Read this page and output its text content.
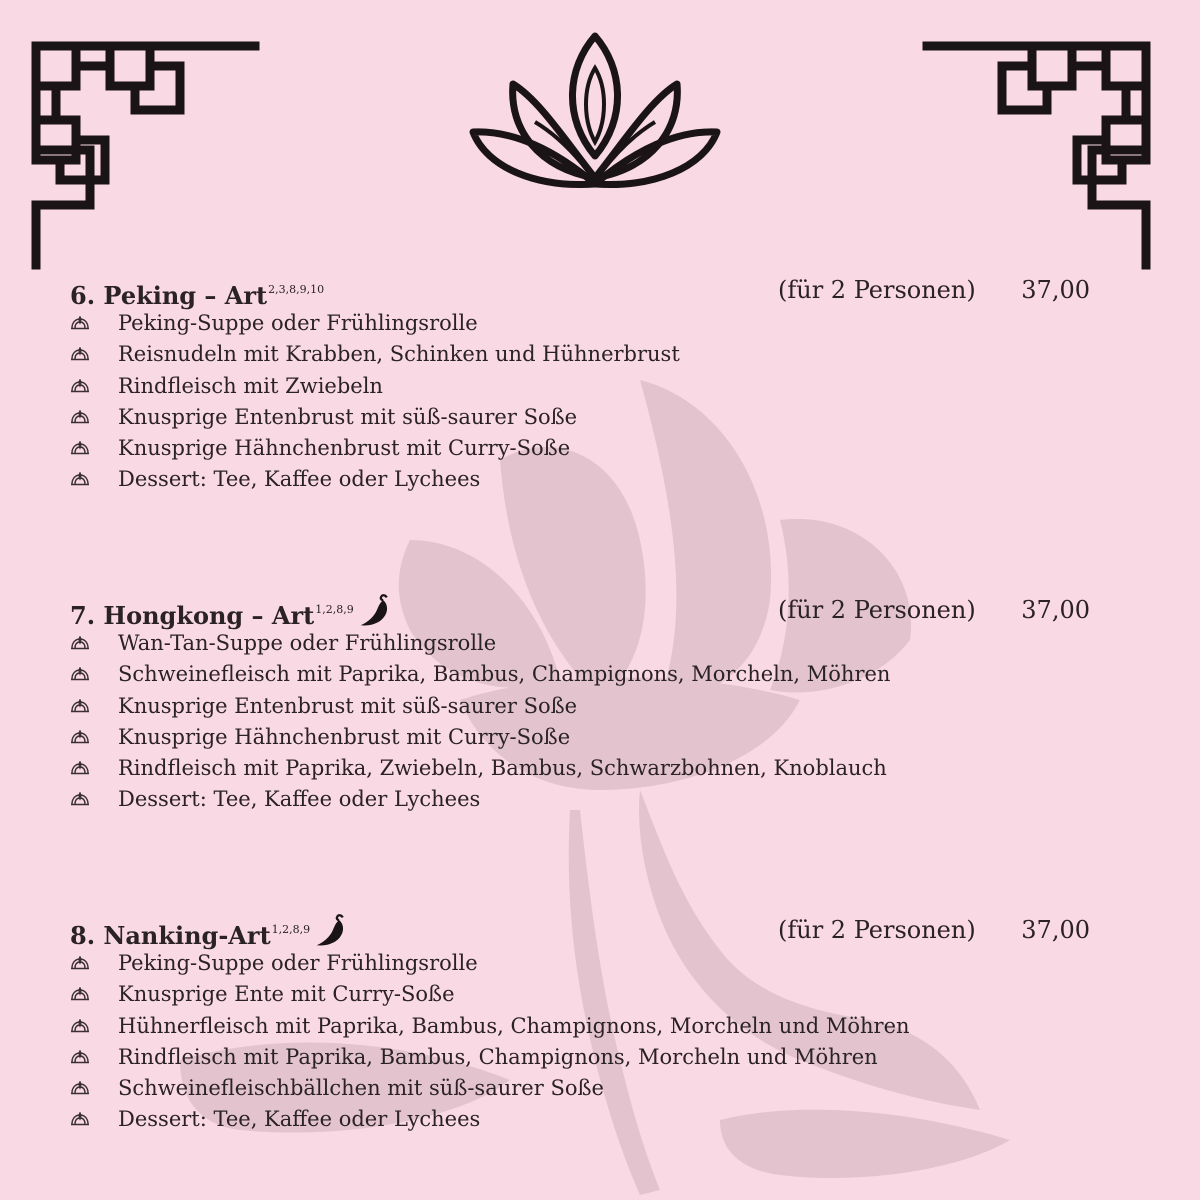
6. Peking – Art$^{2,3,8,9,10}$	(für 2 Personen) 37,00
Peking-Suppe oder Frühlingsrolle
Reisnudeln mit Krabben, Schinken und Hühnerbrust
Rindfleisch mit Zwiebeln
Knusprige Entenbrust mit süß-saurer Soße
Knusprige Hähnchenbrust mit Curry-Soße
Dessert: Tee, Kaffee oder Lychees
7. Hongkong – Art$^{1,2,8,9}$	(für 2 Personen) 37,00
Wan-Tan-Suppe oder Frühlingsrolle
Schweinefleisch mit Paprika, Bambus, Champignons, Morcheln, Möhren
Knusprige Entenbrust mit süß-saurer Soße
Knusprige Hähnchenbrust mit Curry-Soße
Rindfleisch mit Paprika, Zwiebeln, Bambus, Schwarzbohnen, Knoblauch
Dessert: Tee, Kaffee oder Lychees
8. Nanking-Art$^{1,2,8,9}$	(für 2 Personen) 37,00
Peking-Suppe oder Frühlingsrolle
Knusprige Ente mit Curry-Soße
Hühnerfleisch mit Paprika, Bambus, Champignons, Morcheln und Möhren
Rindfleisch mit Paprika, Bambus, Champignons, Morcheln und Möhren
Schweinefleischbällchen mit süß-saurer Soße
Dessert: Tee, Kaffee oder Lychees
